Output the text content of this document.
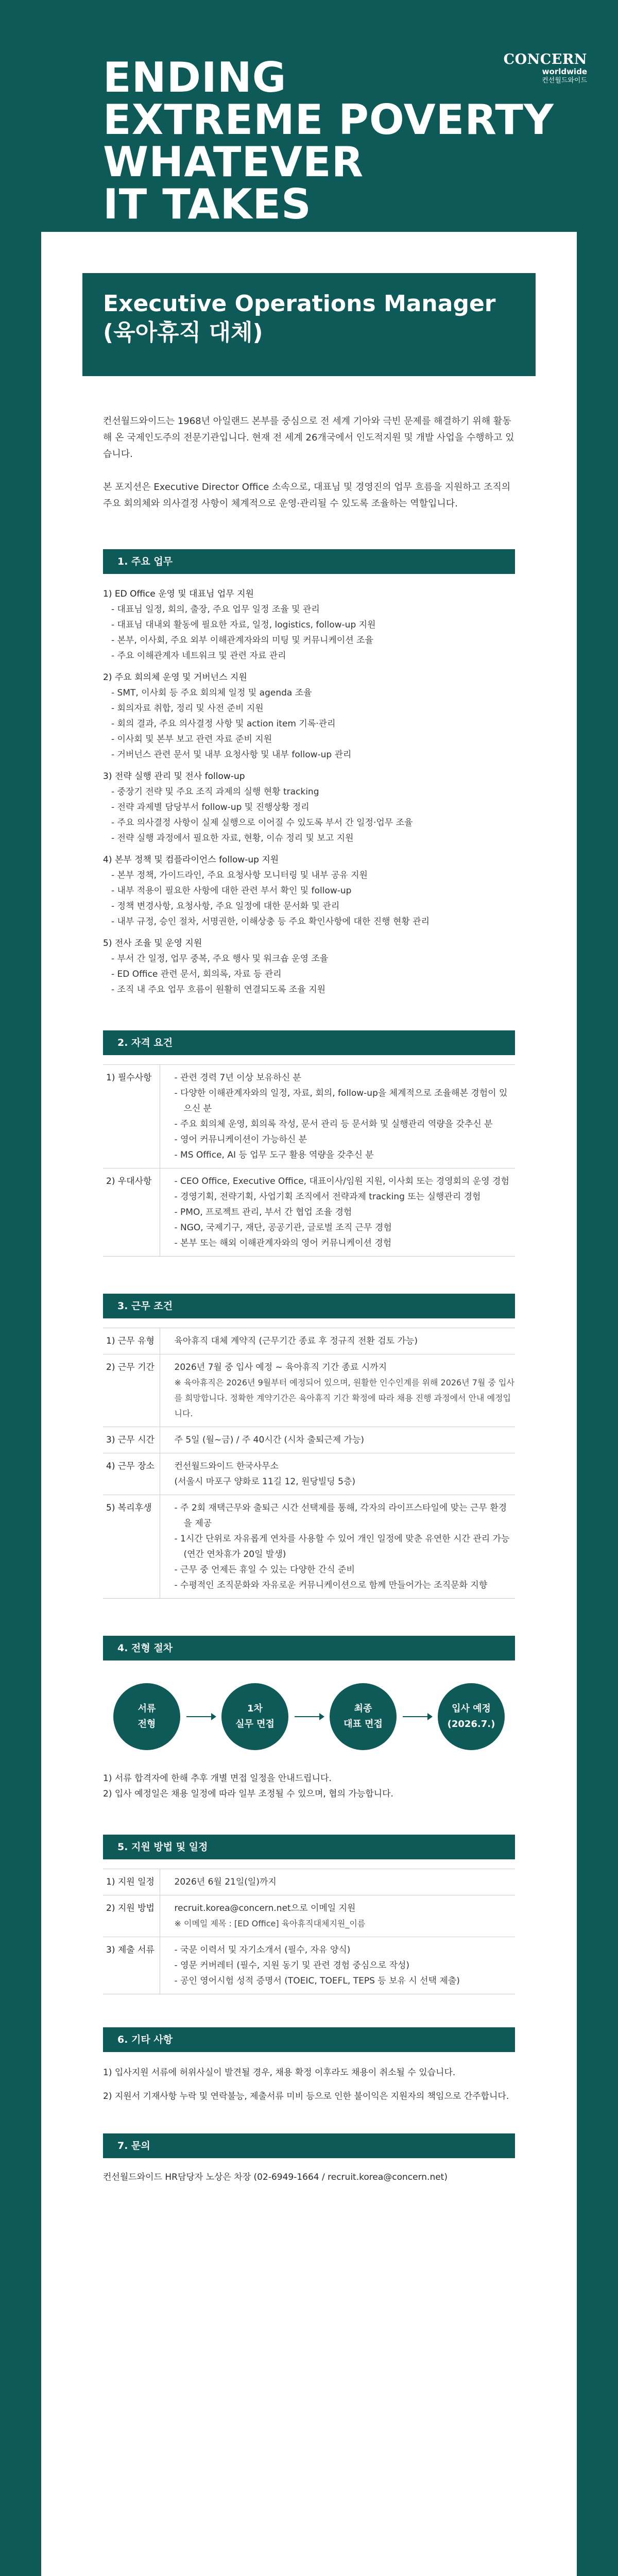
ENDING
EXTREME POVERTY
WHATEVER
IT TAKES
CONCERN
worldwide
컨선월드와이드
Executive Operations Manager
(육아휴직 대체)

컨선월드와이드는 1968년 아일랜드 본부를 중심으로 전 세계 기아와 극빈 문제를 해결하기 위해 활동해 온 국제인도주의 전문기관입니다. 현재 전 세계 26개국에서 인도적지원 및 개발 사업을 수행하고 있습니다.

본 포지션은 Executive Director Office 소속으로, 대표님 및 경영진의 업무 흐름을 지원하고 조직의 주요 회의체와 의사결정 사항이 체계적으로 운영·관리될 수 있도록 조율하는 역할입니다.

1. 주요 업무
1) ED Office 운영 및 대표님 업무 지원
- 대표님 일정, 회의, 출장, 주요 업무 일정 조율 및 관리
- 대표님 대내외 활동에 필요한 자료, 일정, logistics, follow-up 지원
- 본부, 이사회, 주요 외부 이해관계자와의 미팅 및 커뮤니케이션 조율
- 주요 이해관계자 네트워크 및 관련 자료 관리
2) 주요 회의체 운영 및 거버넌스 지원
- SMT, 이사회 등 주요 회의체 일정 및 agenda 조율
- 회의자료 취합, 정리 및 사전 준비 지원
- 회의 결과, 주요 의사결정 사항 및 action item 기록·관리
- 이사회 및 본부 보고 관련 자료 준비 지원
- 거버넌스 관련 문서 및 내부 요청사항 및 내부 follow-up 관리
3) 전략 실행 관리 및 전사 follow-up
- 중장기 전략 및 주요 조직 과제의 실행 현황 tracking
- 전략 과제별 담당부서 follow-up 및 진행상황 정리
- 주요 의사결정 사항이 실제 실행으로 이어질 수 있도록 부서 간 일정·업무 조율
- 전략 실행 과정에서 필요한 자료, 현황, 이슈 정리 및 보고 지원
4) 본부 정책 및 컴플라이언스 follow-up 지원
- 본부 정책, 가이드라인, 주요 요청사항 모니터링 및 내부 공유 지원
- 내부 적용이 필요한 사항에 대한 관련 부서 확인 및 follow-up
- 정책 변경사항, 요청사항, 주요 일정에 대한 문서화 및 관리
- 내부 규정, 승인 절차, 서명권한, 이해상충 등 주요 확인사항에 대한 진행 현황 관리
5) 전사 조율 및 운영 지원
- 부서 간 일정, 업무 중복, 주요 행사 및 워크숍 운영 조율
- ED Office 관련 문서, 회의록, 자료 등 관리
- 조직 내 주요 업무 흐름이 원활히 연결되도록 조율 지원
2. 자격 요건
1) 필수사항	- 관련 경력 7년 이상 보유하신 분
- 다양한 이해관계자와의 일정, 자료, 회의, follow-up을 체계적으로 조율해본 경험이 있으신 분
- 주요 회의체 운영, 회의록 작성, 문서 관리 등 문서화 및 실행관리 역량을 갖추신 분
- 영어 커뮤니케이션이 가능하신 분
- MS Office, AI 등 업무 도구 활용 역량을 갖추신 분

2) 우대사항	- CEO Office, Executive Office, 대표이사/임원 지원, 이사회 또는 경영회의 운영 경험
- 경영기획, 전략기획, 사업기획 조직에서 전략과제 tracking 또는 실행관리 경험
- PMO, 프로젝트 관리, 부서 간 협업 조율 경험
- NGO, 국제기구, 재단, 공공기관, 글로벌 조직 근무 경험
- 본부 또는 해외 이해관계자와의 영어 커뮤니케이션 경험
3. 근무 조건
1) 근무 유형	육아휴직 대체 계약직 (근무기간 종료 후 정규직 전환 검토 가능)

2) 근무 기간	2026년 7월 중 입사 예정 ~ 육아휴직 기간 종료 시까지
※ 육아휴직은 2026년 9월부터 예정되어 있으며, 원활한 인수인계를 위해 2026년 7월 중 입사를 희망합니다. 정확한 계약기간은 육아휴직 기간 확정에 따라 채용 진행 과정에서 안내 예정입니다.

3) 근무 시간	주 5일 (월~금) / 주 40시간 (시차 출퇴근제 가능)

4) 근무 장소	컨선월드와이드 한국사무소
(서울시 마포구 양화로 11길 12, 원당빌딩 5층)

5) 복리후생	- 주 2회 재택근무와 출퇴근 시간 선택제를 통해, 각자의 라이프스타일에 맞는 근무 환경을 제공
- 1시간 단위로 자유롭게 연차를 사용할 수 있어 개인 일정에 맞춘 유연한 시간 관리 가능 (연간 연차휴가 20일 발생)
- 근무 중 언제든 휴일 수 있는 다양한 간식 준비
- 수평적인 조직문화와 자유로운 커뮤니케이션으로 함께 만들어가는 조직문화 지향
4. 전형 절차
서류
전형
1차
실무 면접
최종
대표 면접
입사 예정
(2026.7.)
1) 서류 합격자에 한해 추후 개별 면접 일정을 안내드립니다.
2) 입사 예정일은 채용 일정에 따라 일부 조정될 수 있으며, 협의 가능합니다.
5. 지원 방법 및 일정
1) 지원 일정	2026년 6월 21일(일)까지

2) 지원 방법	recruit.korea@concern.net으로 이메일 지원
※ 이메일 제목 : [ED Office] 육아휴직대체지원_이름

3) 제출 서류	- 국문 이력서 및 자기소개서 (필수, 자유 양식)
- 영문 커버레터 (필수, 지원 동기 및 관련 경험 중심으로 작성)
- 공인 영어시험 성적 증명서 (TOEIC, TOEFL, TEPS 등 보유 시 선택 제출)
6. 기타 사항

1) 입사지원 서류에 허위사실이 발견될 경우, 채용 확정 이후라도 채용이 취소될 수 있습니다.

2) 지원서 기재사항 누락 및 연락불능, 제출서류 미비 등으로 인한 불이익은 지원자의 책임으로 간주합니다.

7. 문의
컨선월드와이드 HR담당자 노상은 차장 (02-6949-1664 / recruit.korea@concern.net)
